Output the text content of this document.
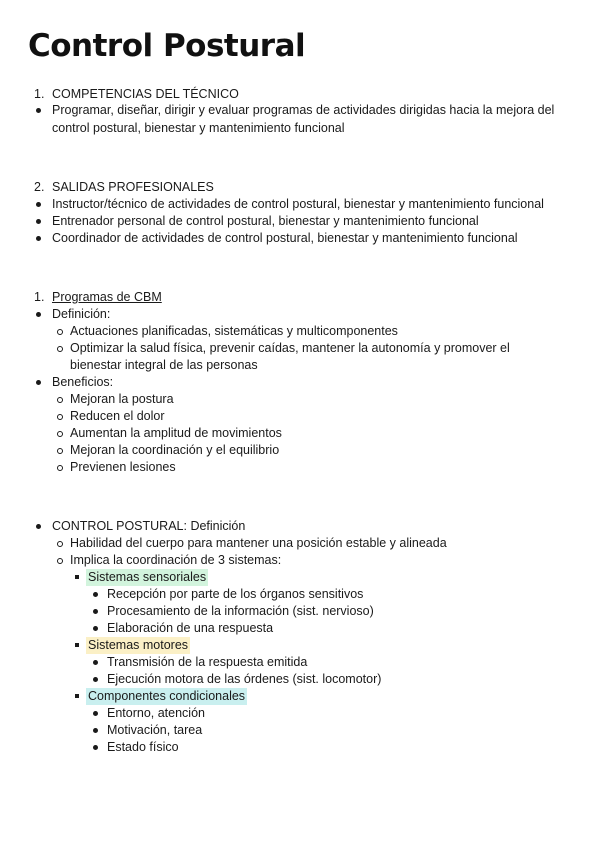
Control Postural
1. COMPETENCIAS DEL TÉCNICO
Programar, diseñar, dirigir y evaluar programas de actividades dirigidas hacia la mejora del
control postural, bienestar y mantenimiento funcional
2. SALIDAS PROFESIONALES
Instructor/técnico de actividades de control postural, bienestar y mantenimiento funcional
Entrenador personal de control postural, bienestar y mantenimiento funcional
Coordinador de actividades de control postural, bienestar y mantenimiento funcional
1. Programas de CBM
Definición:
Actuaciones planificadas, sistemáticas y multicomponentes
Optimizar la salud física, prevenir caídas, mantener la autonomía y promover el
bienestar integral de las personas
Beneficios:
Mejoran la postura
Reducen el dolor
Aumentan la amplitud de movimientos
Mejoran la coordinación y el equilibrio
Previenen lesiones
CONTROL POSTURAL: Definición
Habilidad del cuerpo para mantener una posición estable y alineada
Implica la coordinación de 3 sistemas:
Sistemas sensoriales
Recepción por parte de los órganos sensitivos
Procesamiento de la información (sist. nervioso)
Elaboración de una respuesta
Sistemas motores
Transmisión de la respuesta emitida
Ejecución motora de las órdenes (sist. locomotor)
Componentes condicionales
Entorno, atención
Motivación, tarea
Estado físico
